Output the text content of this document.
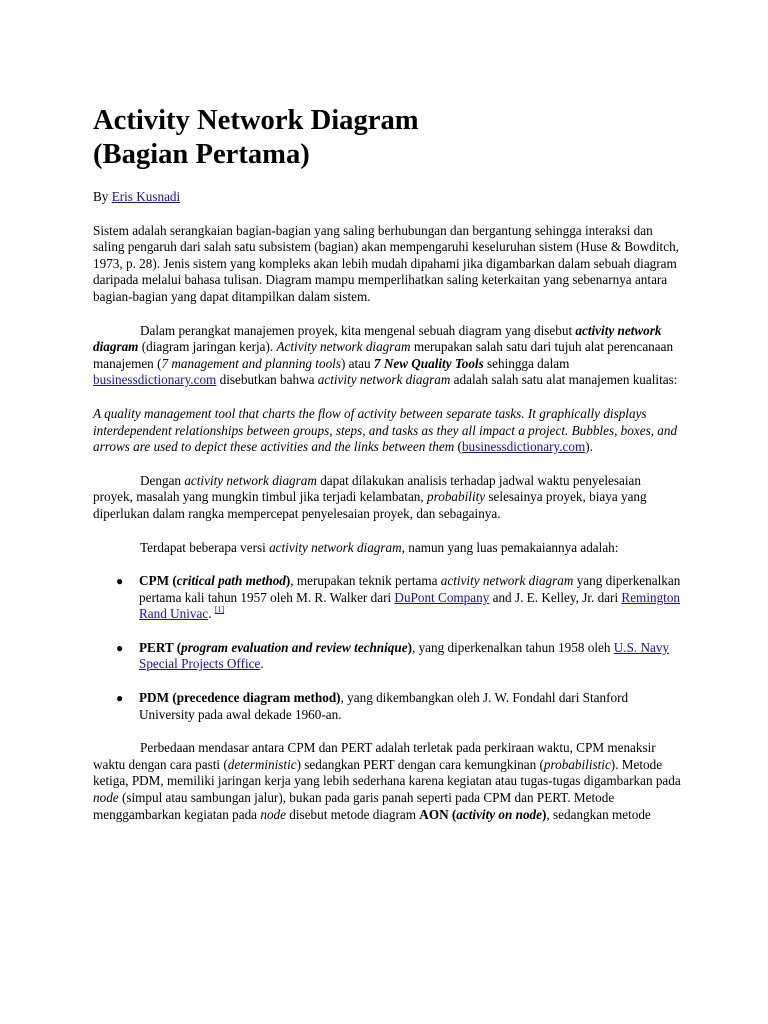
Activity Network Diagram
(Bagian Pertama)

By Eris Kusnadi

Sistem adalah serangkaian bagian-bagian yang saling berhubungan dan bergantung sehingga interaksi dan saling pengaruh dari salah satu subsistem (bagian) akan mempengaruhi keseluruhan sistem (Huse & Bowditch, 1973, p. 28). Jenis sistem yang kompleks akan lebih mudah dipahami jika digambarkan dalam sebuah diagram daripada melalui bahasa tulisan. Diagram mampu memperlihatkan saling keterkaitan yang sebenarnya antara bagian-bagian yang dapat ditampilkan dalam sistem.

Dalam perangkat manajemen proyek, kita mengenal sebuah diagram yang disebut activity network diagram (diagram jaringan kerja). Activity network diagram merupakan salah satu dari tujuh alat perencanaan manajemen (7 management and planning tools) atau 7 New Quality Tools sehingga dalam businessdictionary.com disebutkan bahwa activity network diagram adalah salah satu alat manajemen kualitas:

A quality management tool that charts the flow of activity between separate tasks. It graphically displays interdependent relationships between groups, steps, and tasks as they all impact a project. Bubbles, boxes, and arrows are used to depict these activities and the links between them (businessdictionary.com).

Dengan activity network diagram dapat dilakukan analisis terhadap jadwal waktu penyelesaian proyek, masalah yang mungkin timbul jika terjadi kelambatan, probability selesainya proyek, biaya yang diperlukan dalam rangka mempercepat penyelesaian proyek, dan sebagainya.

Terdapat beberapa versi activity network diagram, namun yang luas pemakaiannya adalah:

● CPM (critical path method), merupakan teknik pertama activity network diagram yang diperkenalkan pertama kali tahun 1957 oleh M. R. Walker dari DuPont Company and J. E. Kelley, Jr. dari Remington Rand Univac. [1]
● PERT (program evaluation and review technique), yang diperkenalkan tahun 1958 oleh U.S. Navy Special Projects Office.
● PDM (precedence diagram method), yang dikembangkan oleh J. W. Fondahl dari Stanford University pada awal dekade 1960-an.

Perbedaan mendasar antara CPM dan PERT adalah terletak pada perkiraan waktu, CPM menaksir waktu dengan cara pasti (deterministic) sedangkan PERT dengan cara kemungkinan (probabilistic). Metode ketiga, PDM, memiliki jaringan kerja yang lebih sederhana karena kegiatan atau tugas-tugas digambarkan pada node (simpul atau sambungan jalur), bukan pada garis panah seperti pada CPM dan PERT. Metode menggambarkan kegiatan pada node disebut metode diagram AON (activity on node), sedangkan metode
